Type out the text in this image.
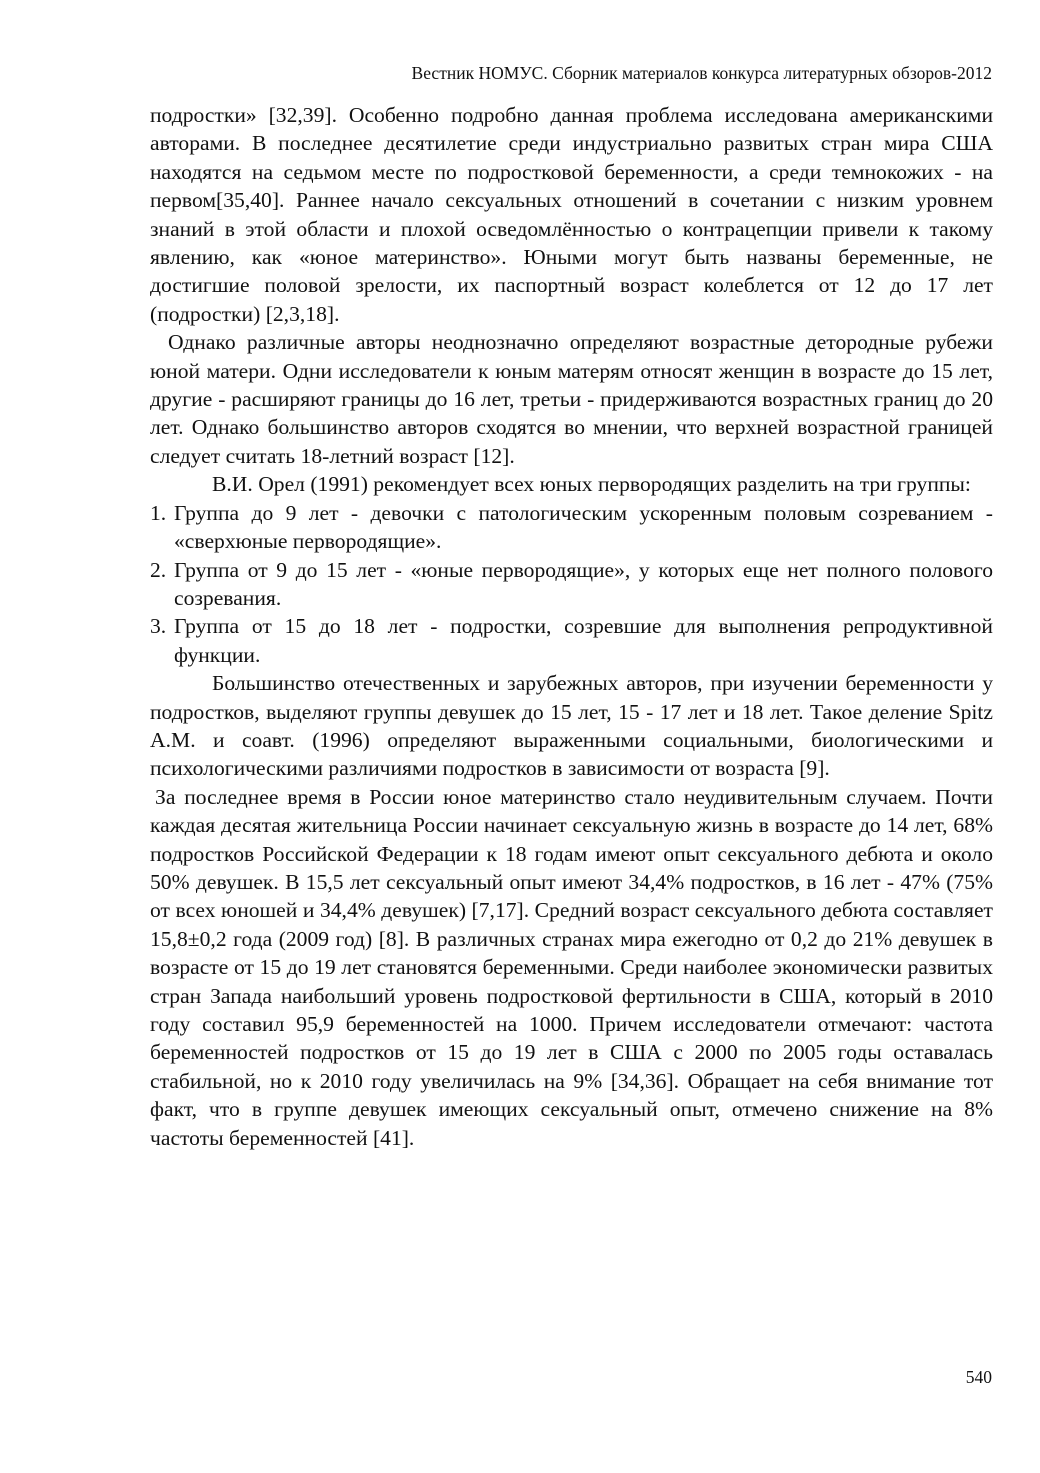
Вестник НОМУС. Сборник материалов конкурса литературных обзоров-2012

подростки» [32,39]. Особенно подробно данная проблема исследована американскими авторами. В последнее десятилетие среди индустриально развитых стран мира США находятся на седьмом месте по подростковой беременности, а среди темнокожих - на первом[35,40]. Раннее начало сексуальных отношений в сочетании с низким уровнем знаний в этой области и плохой осведомлённостью о контрацепции привели к такому явлению, как «юное материнство». Юными могут быть названы беременные, не достигшие половой зрелости, их паспортный возраст колеблется от 12 до 17 лет (подростки) [2,3,18].

Однако различные авторы неоднозначно определяют возрастные детородные рубежи юной матери. Одни исследователи к юным матерям относят женщин в возрасте до 15 лет, другие - расширяют границы до 16 лет, третьи - придерживаются возрастных границ до 20 лет. Однако большинство авторов сходятся во мнении, что верхней возрастной границей следует считать 18-летний возраст [12].

В.И. Орел (1991) рекомендует всех юных первородящих разделить на три группы:

1. Группа до 9 лет - девочки с патологическим ускоренным половым созреванием - «сверхюные первородящие».
2. Группа от 9 до 15 лет - «юные первородящие», у которых еще нет полного полового созревания.
3. Группа от 15 до 18 лет - подростки, созревшие для выполнения репродуктивной функции.

Большинство отечественных и зарубежных авторов, при изучении беременности у подростков, выделяют группы девушек до 15 лет, 15 - 17 лет и 18 лет. Такое деление Spitz A.M. и соавт. (1996) определяют выраженными социальными, биологическими и психологическими различиями подростков в зависимости от возраста [9].

За последнее время в России юное материнство стало неудивительным случаем. Почти каждая десятая жительница России начинает сексуальную жизнь в возрасте до 14 лет, 68% подростков Российской Федерации к 18 годам имеют опыт сексуального дебюта и около 50% девушек. В 15,5 лет сексуальный опыт имеют 34,4% подростков, в 16 лет - 47% (75% от всех юношей и 34,4% девушек) [7,17]. Средний возраст сексуального дебюта составляет 15,8±0,2 года (2009 год) [8]. В различных странах мира ежегодно от 0,2 до 21% девушек в возрасте от 15 до 19 лет становятся беременными. Среди наиболее экономически развитых стран Запада наибольший уровень подростковой фертильности в США, который в 2010 году составил 95,9 беременностей на 1000. Причем исследователи отмечают: частота беременностей подростков от 15 до 19 лет в США с 2000 по 2005 годы оставалась стабильной, но к 2010 году увеличилась на 9% [34,36]. Обращает на себя внимание тот факт, что в группе девушек имеющих сексуальный опыт, отмечено снижение на 8% частоты беременностей [41].

540
